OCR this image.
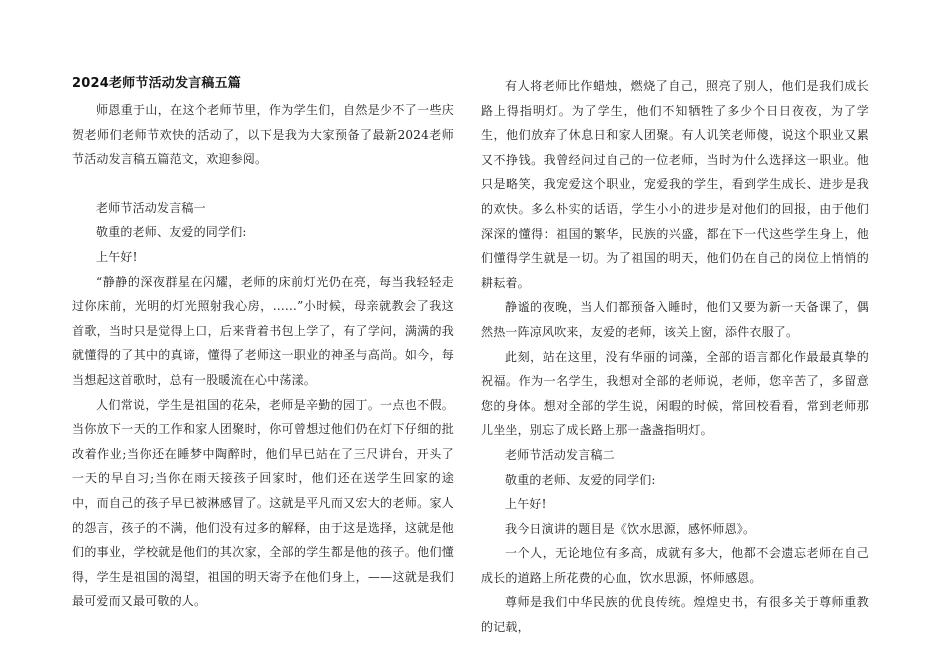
2024老师节活动发言稿五篇

师恩重于山，在这个老师节里，作为学生们，自然是少不了一些庆贺老师们老师节欢快的活动了，以下是我为大家预备了最新2024老师节活动发言稿五篇范文，欢迎参阅。

老师节活动发言稿一

敬重的老师、友爱的同学们:

上午好!

“静静的深夜群星在闪耀，老师的床前灯光仍在亮，每当我轻轻走过你床前，光明的灯光照射我心房，……”小时候，母亲就教会了我这首歌，当时只是觉得上口，后来背着书包上学了，有了学问，满满的我就懂得的了其中的真谛，懂得了老师这一职业的神圣与高尚。如今，每当想起这首歌时，总有一股暖流在心中荡漾。

人们常说，学生是祖国的花朵，老师是辛勤的园丁。一点也不假。当你放下一天的工作和家人团聚时，你可曾想过他们仍在灯下仔细的批改着作业;当你还在睡梦中陶醉时，他们早已站在了三尺讲台，开头了一天的早自习;当你在雨天接孩子回家时，他们还在送学生回家的途中，而自己的孩子早已被淋感冒了。这就是平凡而又宏大的老师。家人的怨言，孩子的不满，他们没有过多的解释，由于这是选择，这就是他们的事业，学校就是他们的其次家，全部的学生都是他的孩子。他们懂得，学生是祖国的渴望，祖国的明天寄予在他们身上，——这就是我们最可爱而又最可敬的人。

有人将老师比作蜡烛，燃烧了自己，照亮了别人，他们是我们成长路上得指明灯。为了学生，他们不知牺牲了多少个日日夜夜，为了学生，他们放弃了休息日和家人团聚。有人讥笑老师傻，说这个职业又累又不挣钱。我曾经问过自己的一位老师，当时为什么选择这一职业。他只是略笑，我宠爱这个职业，宠爱我的学生，看到学生成长、进步是我的欢快。多么朴实的话语，学生小小的进步是对他们的回报，由于他们深深的懂得：祖国的繁华，民族的兴盛，都在下一代这些学生身上，他们懂得学生就是一切。为了祖国的明天，他们仍在自己的岗位上悄悄的耕耘着。

静谧的夜晚，当人们都预备入睡时，他们又要为新一天备课了，偶然热一阵凉风吹来，友爱的老师，该关上窗，添件衣服了。

此刻，站在这里，没有华丽的词藻，全部的语言都化作最最真挚的祝福。作为一名学生，我想对全部的老师说，老师，您辛苦了，多留意您的身体。想对全部的学生说，闲暇的时候，常回校看看，常到老师那儿坐坐，别忘了成长路上那一盏盏指明灯。

老师节活动发言稿二

敬重的老师、友爱的同学们:

上午好!

我今日演讲的题目是《饮水思源，感怀师恩》。

一个人，无论地位有多高，成就有多大，他都不会遗忘老师在自己成长的道路上所花费的心血，饮水思源，怀师感恩。

尊师是我们中华民族的优良传统。煌煌史书，有很多关于尊师重教的记载，
